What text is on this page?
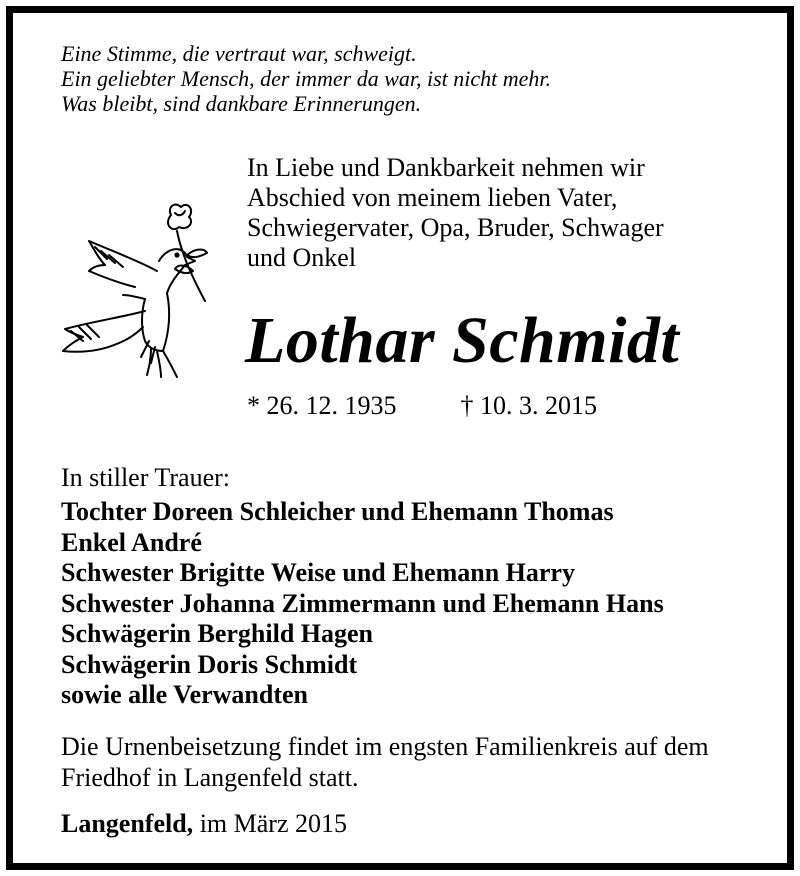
Eine Stimme, die vertraut war, schweigt.
Ein geliebter Mensch, der immer da war, ist nicht mehr.
Was bleibt, sind dankbare Erinnerungen.
In Liebe und Dankbarkeit nehmen wir
Abschied von meinem lieben Vater,
Schwiegervater, Opa, Bruder, Schwager
und Onkel
Lothar Schmidt
* 26. 12. 1935 † 10. 3. 2015
In stiller Trauer:
Tochter Doreen Schleicher und Ehemann Thomas
Enkel André
Schwester Brigitte Weise und Ehemann Harry
Schwester Johanna Zimmermann und Ehemann Hans
Schwägerin Berghild Hagen
Schwägerin Doris Schmidt
sowie alle Verwandten
Die Urnenbeisetzung findet im engsten Familienkreis auf dem Friedhof in Langenfeld statt.
Langenfeld, im März 2015
